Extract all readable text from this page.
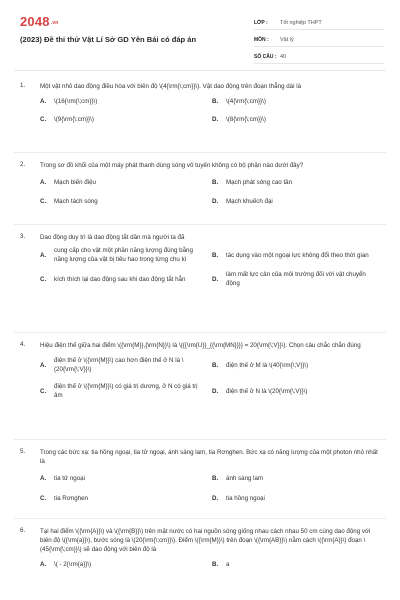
2048.vn
(2023) Đề thi thử Vật Lí Sở GD Yên Bái có đáp án
LỚP :	Tốt nghiệp THPT
MÔN :	Vật lý
SỐ CÂU : 40
1. Một vật nhỏ dao động điều hòa với biên độ \(4{\rm{\;cm}}\). Vật dao động trên đoạn thẳng dài là
A.	\(16{\rm{\;cm}}\)	B.	\(4{\rm{\;cm}}\)
C.	\(9{\rm{\;cm}}\)	D.	\(8{\rm{\;cm}}\)
2. Trong sơ đồ khối của một máy phát thanh dùng sóng vô tuyến không có bộ phận nào dưới đây?
A.	Mạch biến điệu	B.	Mạch phát sóng cao tần
C.	Mạch tách sóng	D.	Mạch khuếch đại
3. Dao động duy trì là dao động tắt dần mà người ta đã
A.
cung cấp cho vật một phần năng lượng đúng bằng năng lượng của vật bị tiêu hao trong từng chu kì
B.	tác dụng vào một ngoại lực không đổi theo thời gian
C.	kích thích lại dao động sau khi dao động tắt hẳn	D.
làm mất lực cản của môi trường đối với vật chuyển động
4. Hiệu điện thế giữa hai điểm \({\rm{M}},{\rm{N}}\) là \({{\rm{U}}_{{\rm{MN}}}} = 20{\rm{\;V}}\). Chọn câu chắc chắn đúng
A.
điện thế ở \({\rm{M}}\) cao hơn điện thế ở N là \(20{\rm{\;V}}\)
B.	điện thế ở M là \(40{\rm{\;V}}\)
C.
điện thế ở \({\rm{M}}\) có giá trị dương, ở N có giá trị âm
D.	điện thế ở N là \(20{\rm{\;V}}\)
5. Trong các bức xạ: tia hồng ngoại, tia tử ngoại, ánh sáng lam, tia Rơnghen. Bức xạ có năng lượng của một photon nhỏ nhất là
A.	tia tử ngoại	B.	ánh sáng lam
C.	tia Rơnghen	D.	tia hồng ngoại
6. Tại hai điểm \({\rm{A}}\) và \({\rm{B}}\) trên mặt nước có hai nguồn sóng giống nhau cách nhau 50 cm cùng dao động với biên độ \({\rm{a}}\), bước sóng là \(20{\rm{\;cm}}\). Điểm \({\rm{M}}\) trên đoạn \({\rm{AB}}\) nằm cách \({\rm{A}}\) đoạn \(45{\rm{\;cm}}\) sẽ dao động với biên độ là
A.	\( - 2{\rm{a}}\)	B.	a
